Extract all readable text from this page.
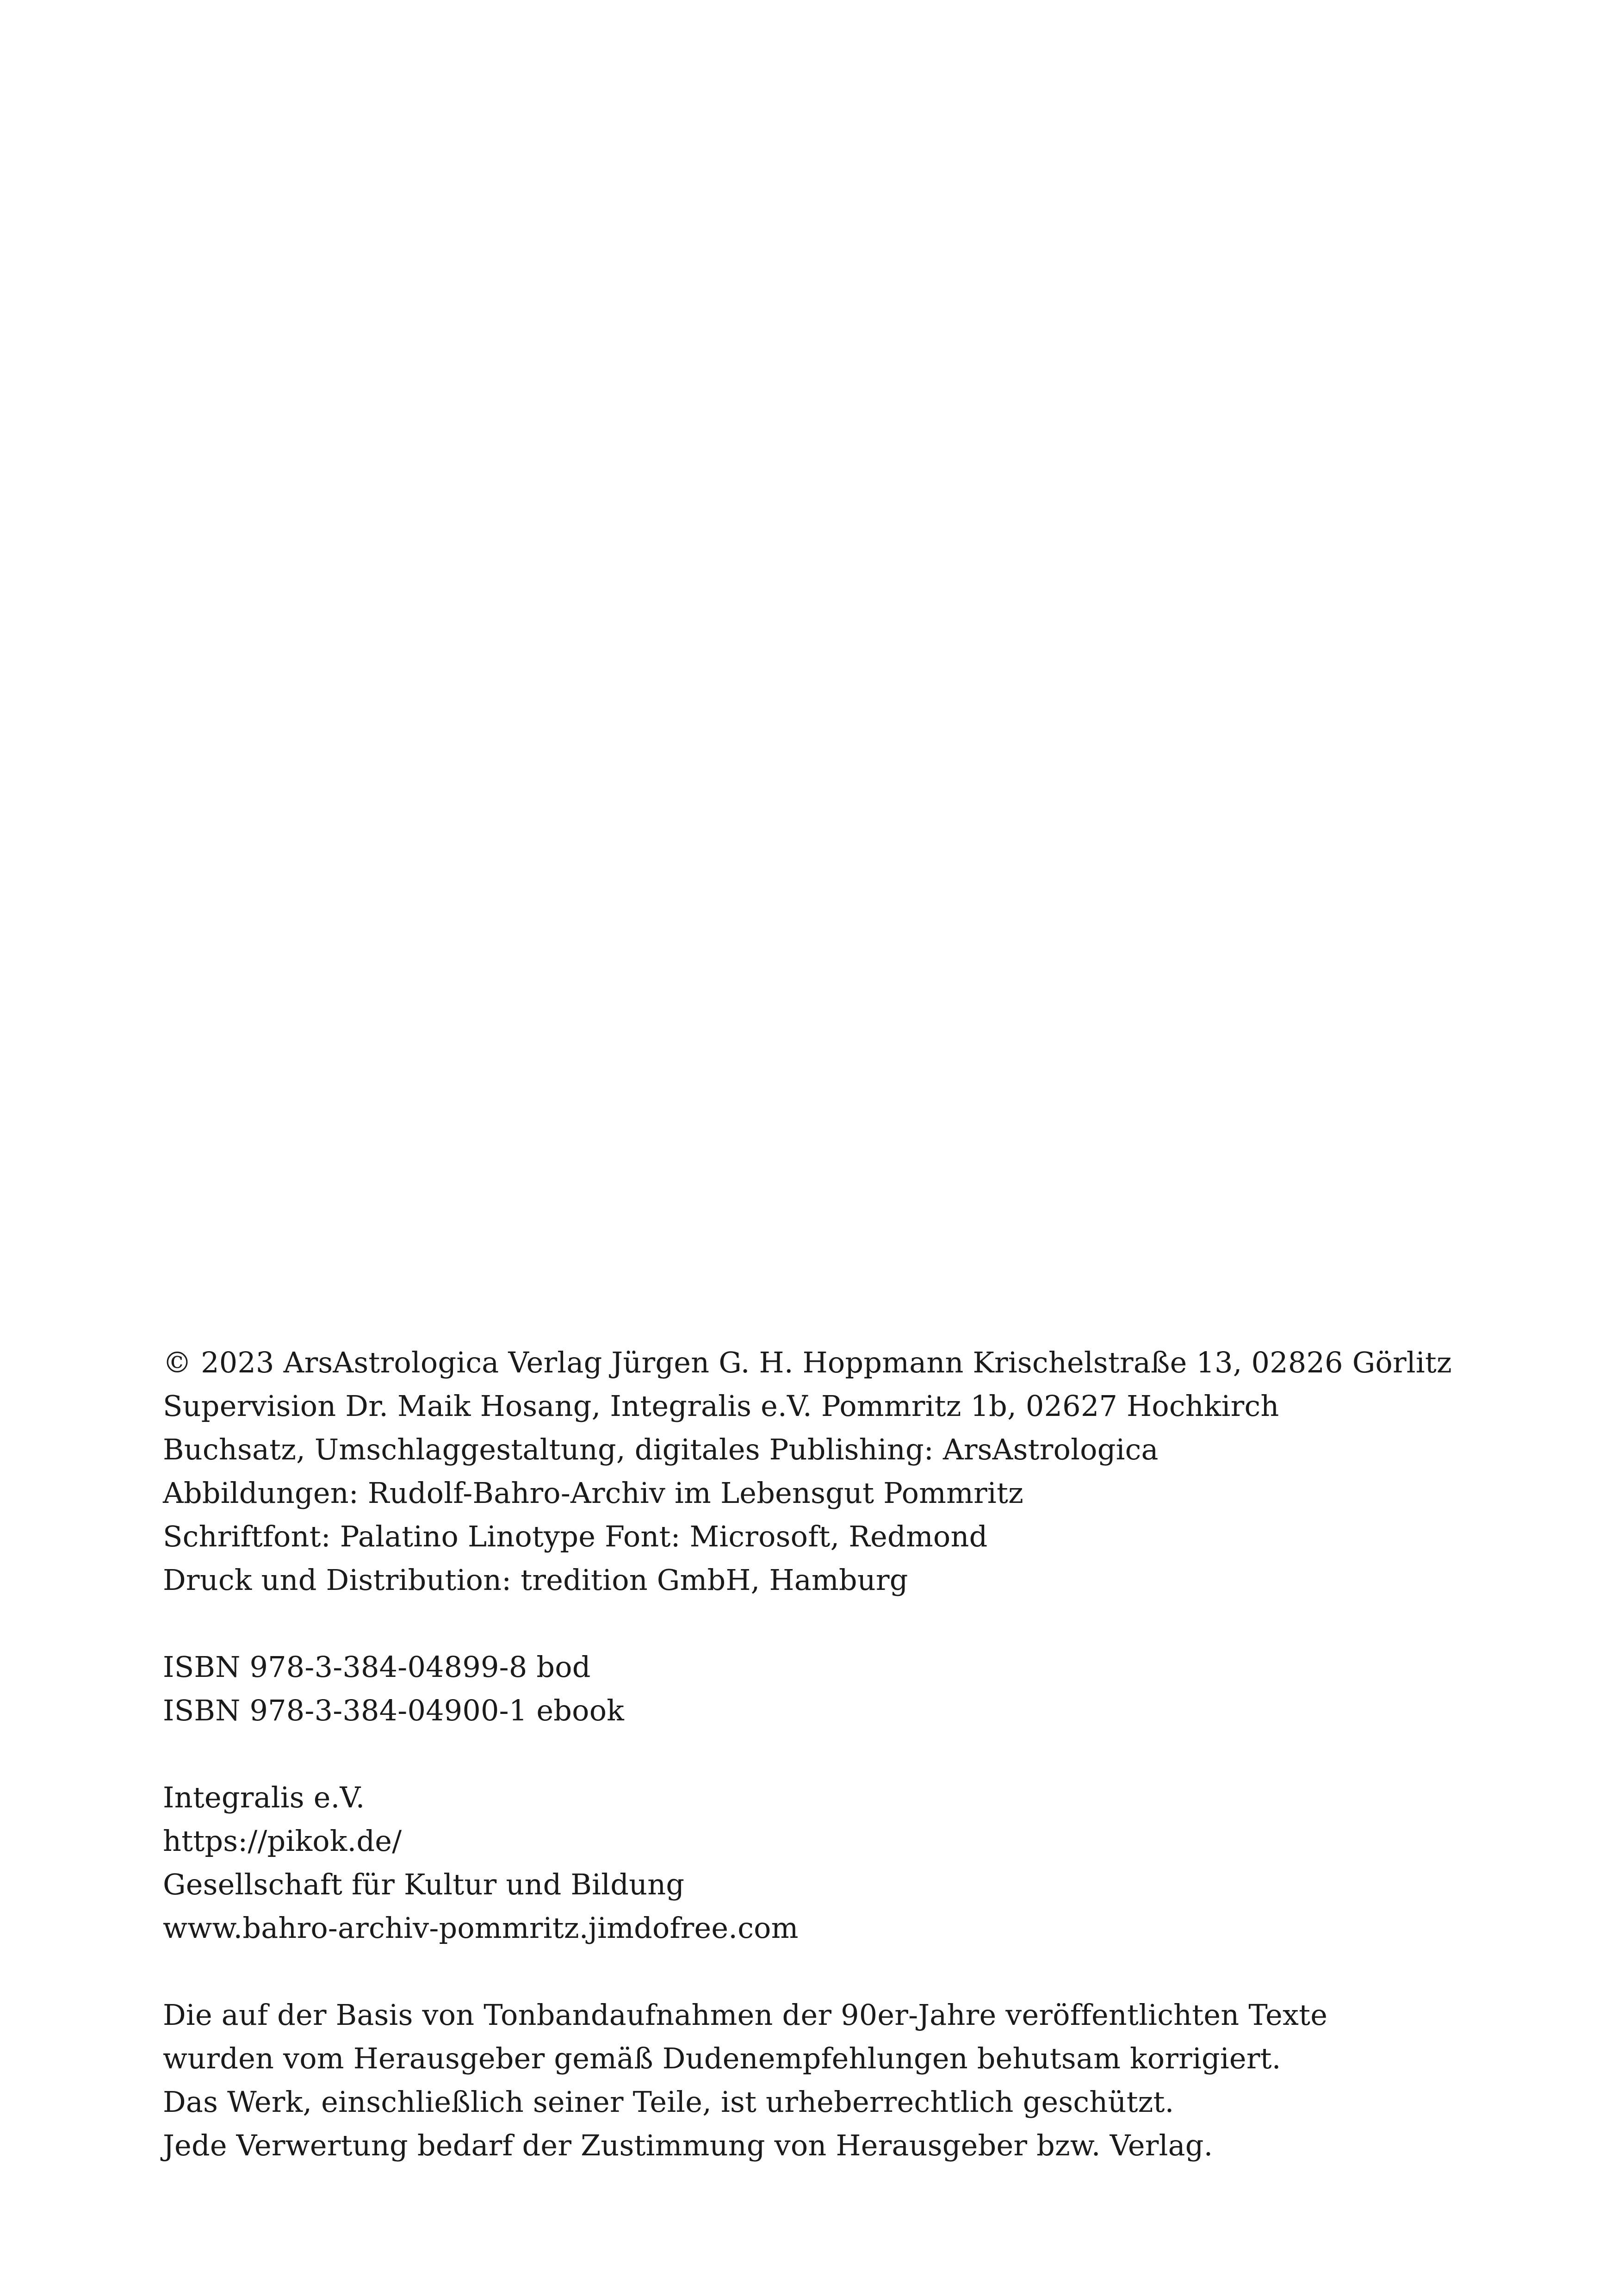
© 2023 ArsAstrologica Verlag Jürgen G. H. Hoppmann Krischelstraße 13, 02826 Görlitz
Supervision Dr. Maik Hosang, Integralis e.V. Pommritz 1b, 02627 Hochkirch
Buchsatz, Umschlaggestaltung, digitales Publishing: ArsAstrologica
Abbildungen: Rudolf-Bahro-Archiv im Lebensgut Pommritz
Schriftfont: Palatino Linotype Font: Microsoft, Redmond
Druck und Distribution: tredition GmbH, Hamburg
ISBN 978-3-384-04899-8 bod
ISBN 978-3-384-04900-1 ebook
Integralis e.V.
https://pikok.de/
Gesellschaft für Kultur und Bildung
www.bahro-archiv-pommritz.jimdofree.com
Die auf der Basis von Tonbandaufnahmen der 90er-Jahre veröffentlichten Texte
wurden vom Herausgeber gemäß Dudenempfehlungen behutsam korrigiert.
Das Werk, einschließlich seiner Teile, ist urheberrechtlich geschützt.
Jede Verwertung bedarf der Zustimmung von Herausgeber bzw. Verlag.
